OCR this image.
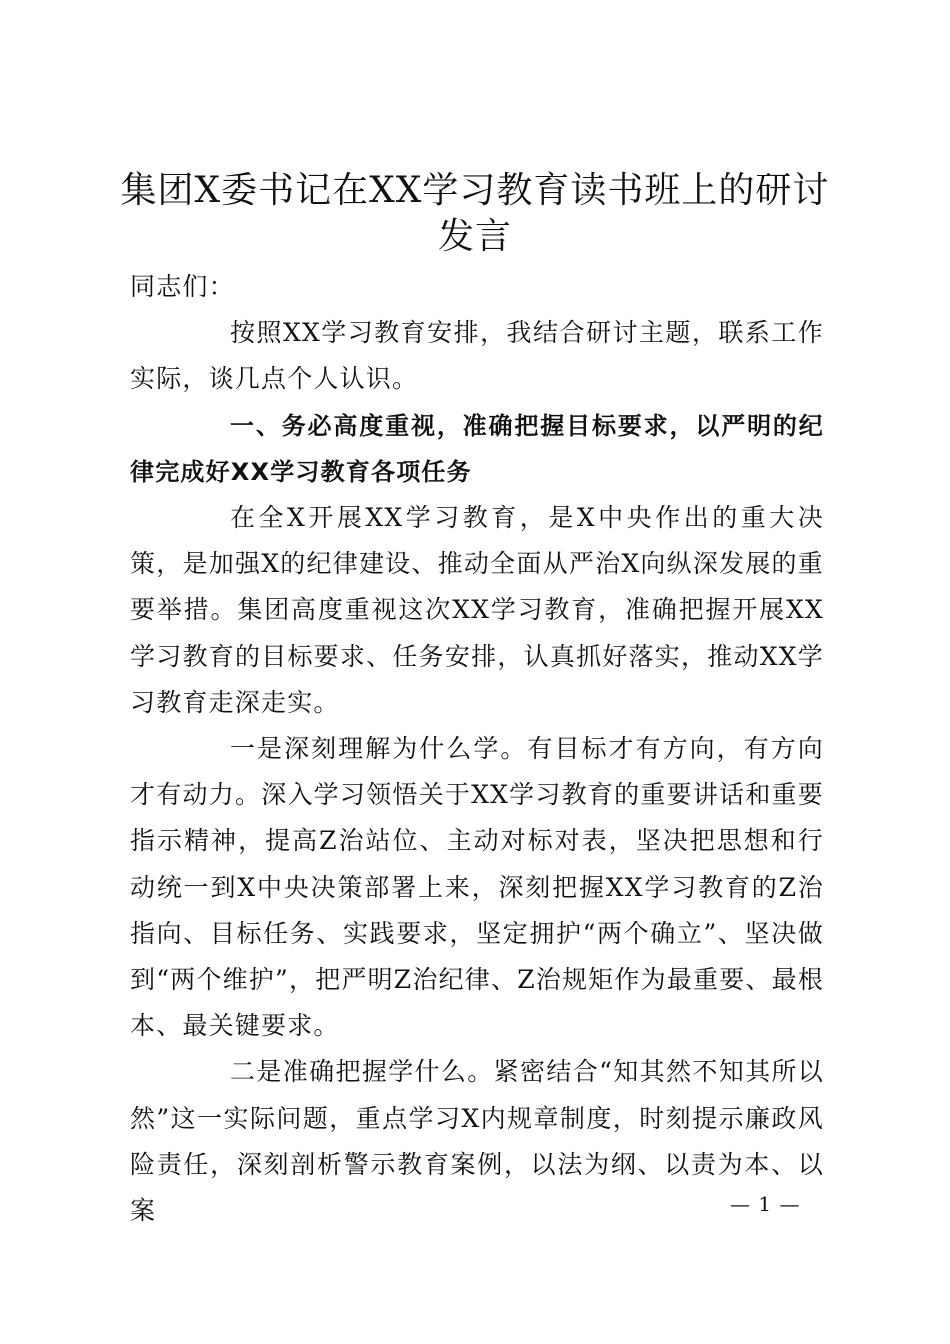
集团X委书记在XX学习教育读书班上的研讨发言

同志们：

按照XX学习教育安排，我结合研讨主题，联系工作实际，谈几点个人认识。

一、务必高度重视，准确把握目标要求，以严明的纪律完成好XX学习教育各项任务

在全X开展XX学习教育，是X中央作出的重大决策，是加强X的纪律建设、推动全面从严治X向纵深发展的重要举措。集团高度重视这次XX学习教育，准确把握开展XX学习教育的目标要求、任务安排，认真抓好落实，推动XX学习教育走深走实。

一是深刻理解为什么学。有目标才有方向，有方向才有动力。深入学习领悟关于XX学习教育的重要讲话和重要指示精神，提高Z治站位、主动对标对表，坚决把思想和行动统一到X中央决策部署上来，深刻把握XX学习教育的Z治指向、目标任务、实践要求，坚定拥护“两个确立”、坚决做到“两个维护”，把严明Z治纪律、Z治规矩作为最重要、最根本、最关键要求。

二是准确把握学什么。紧密结合“知其然不知其所以然”这一实际问题，重点学习X内规章制度，时刻提示廉政风险责任，深刻剖析警示教育案例，以法为纲、以责为本、以案	— 1 —
